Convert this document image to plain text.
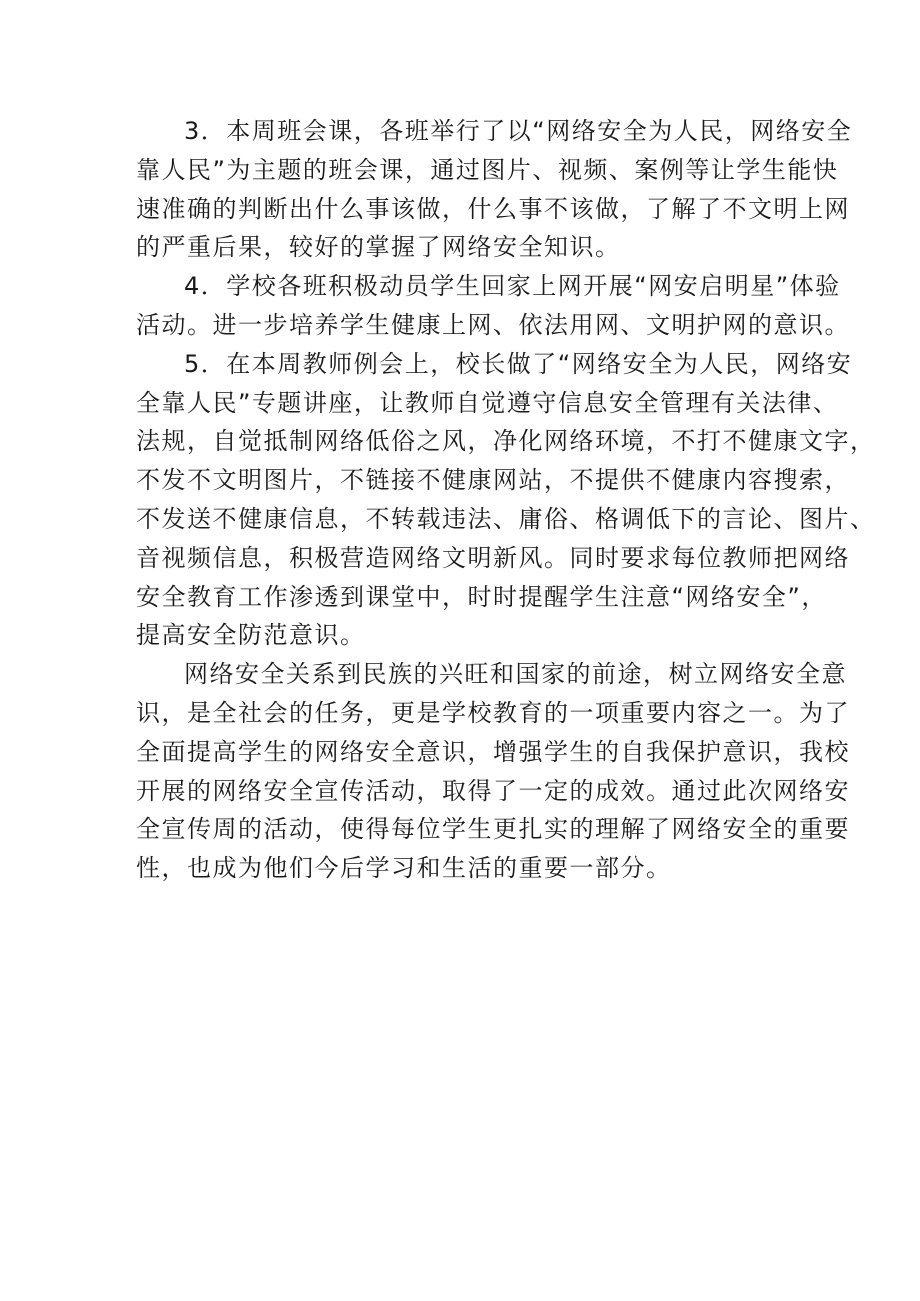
3．本周班会课，各班举行了以“网络安全为人民，网络安全
靠人民”为主题的班会课，通过图片、视频、案例等让学生能快
速准确的判断出什么事该做，什么事不该做，了解了不文明上网
的严重后果，较好的掌握了网络安全知识。
4．学校各班积极动员学生回家上网开展“网安启明星”体验
活动。进一步培养学生健康上网、依法用网、文明护网的意识。
5．在本周教师例会上，校长做了“网络安全为人民，网络安
全靠人民”专题讲座，让教师自觉遵守信息安全管理有关法律、
法规，自觉抵制网络低俗之风，净化网络环境，不打不健康文字，
不发不文明图片，不链接不健康网站，不提供不健康内容搜索，
不发送不健康信息，不转载违法、庸俗、格调低下的言论、图片、
音视频信息，积极营造网络文明新风。同时要求每位教师把网络
安全教育工作渗透到课堂中，时时提醒学生注意“网络安全”，
提高安全防范意识。
网络安全关系到民族的兴旺和国家的前途，树立网络安全意
识，是全社会的任务，更是学校教育的一项重要内容之一。为了
全面提高学生的网络安全意识，增强学生的自我保护意识，我校
开展的网络安全宣传活动，取得了一定的成效。通过此次网络安
全宣传周的活动，使得每位学生更扎实的理解了网络安全的重要
性，也成为他们今后学习和生活的重要一部分。
